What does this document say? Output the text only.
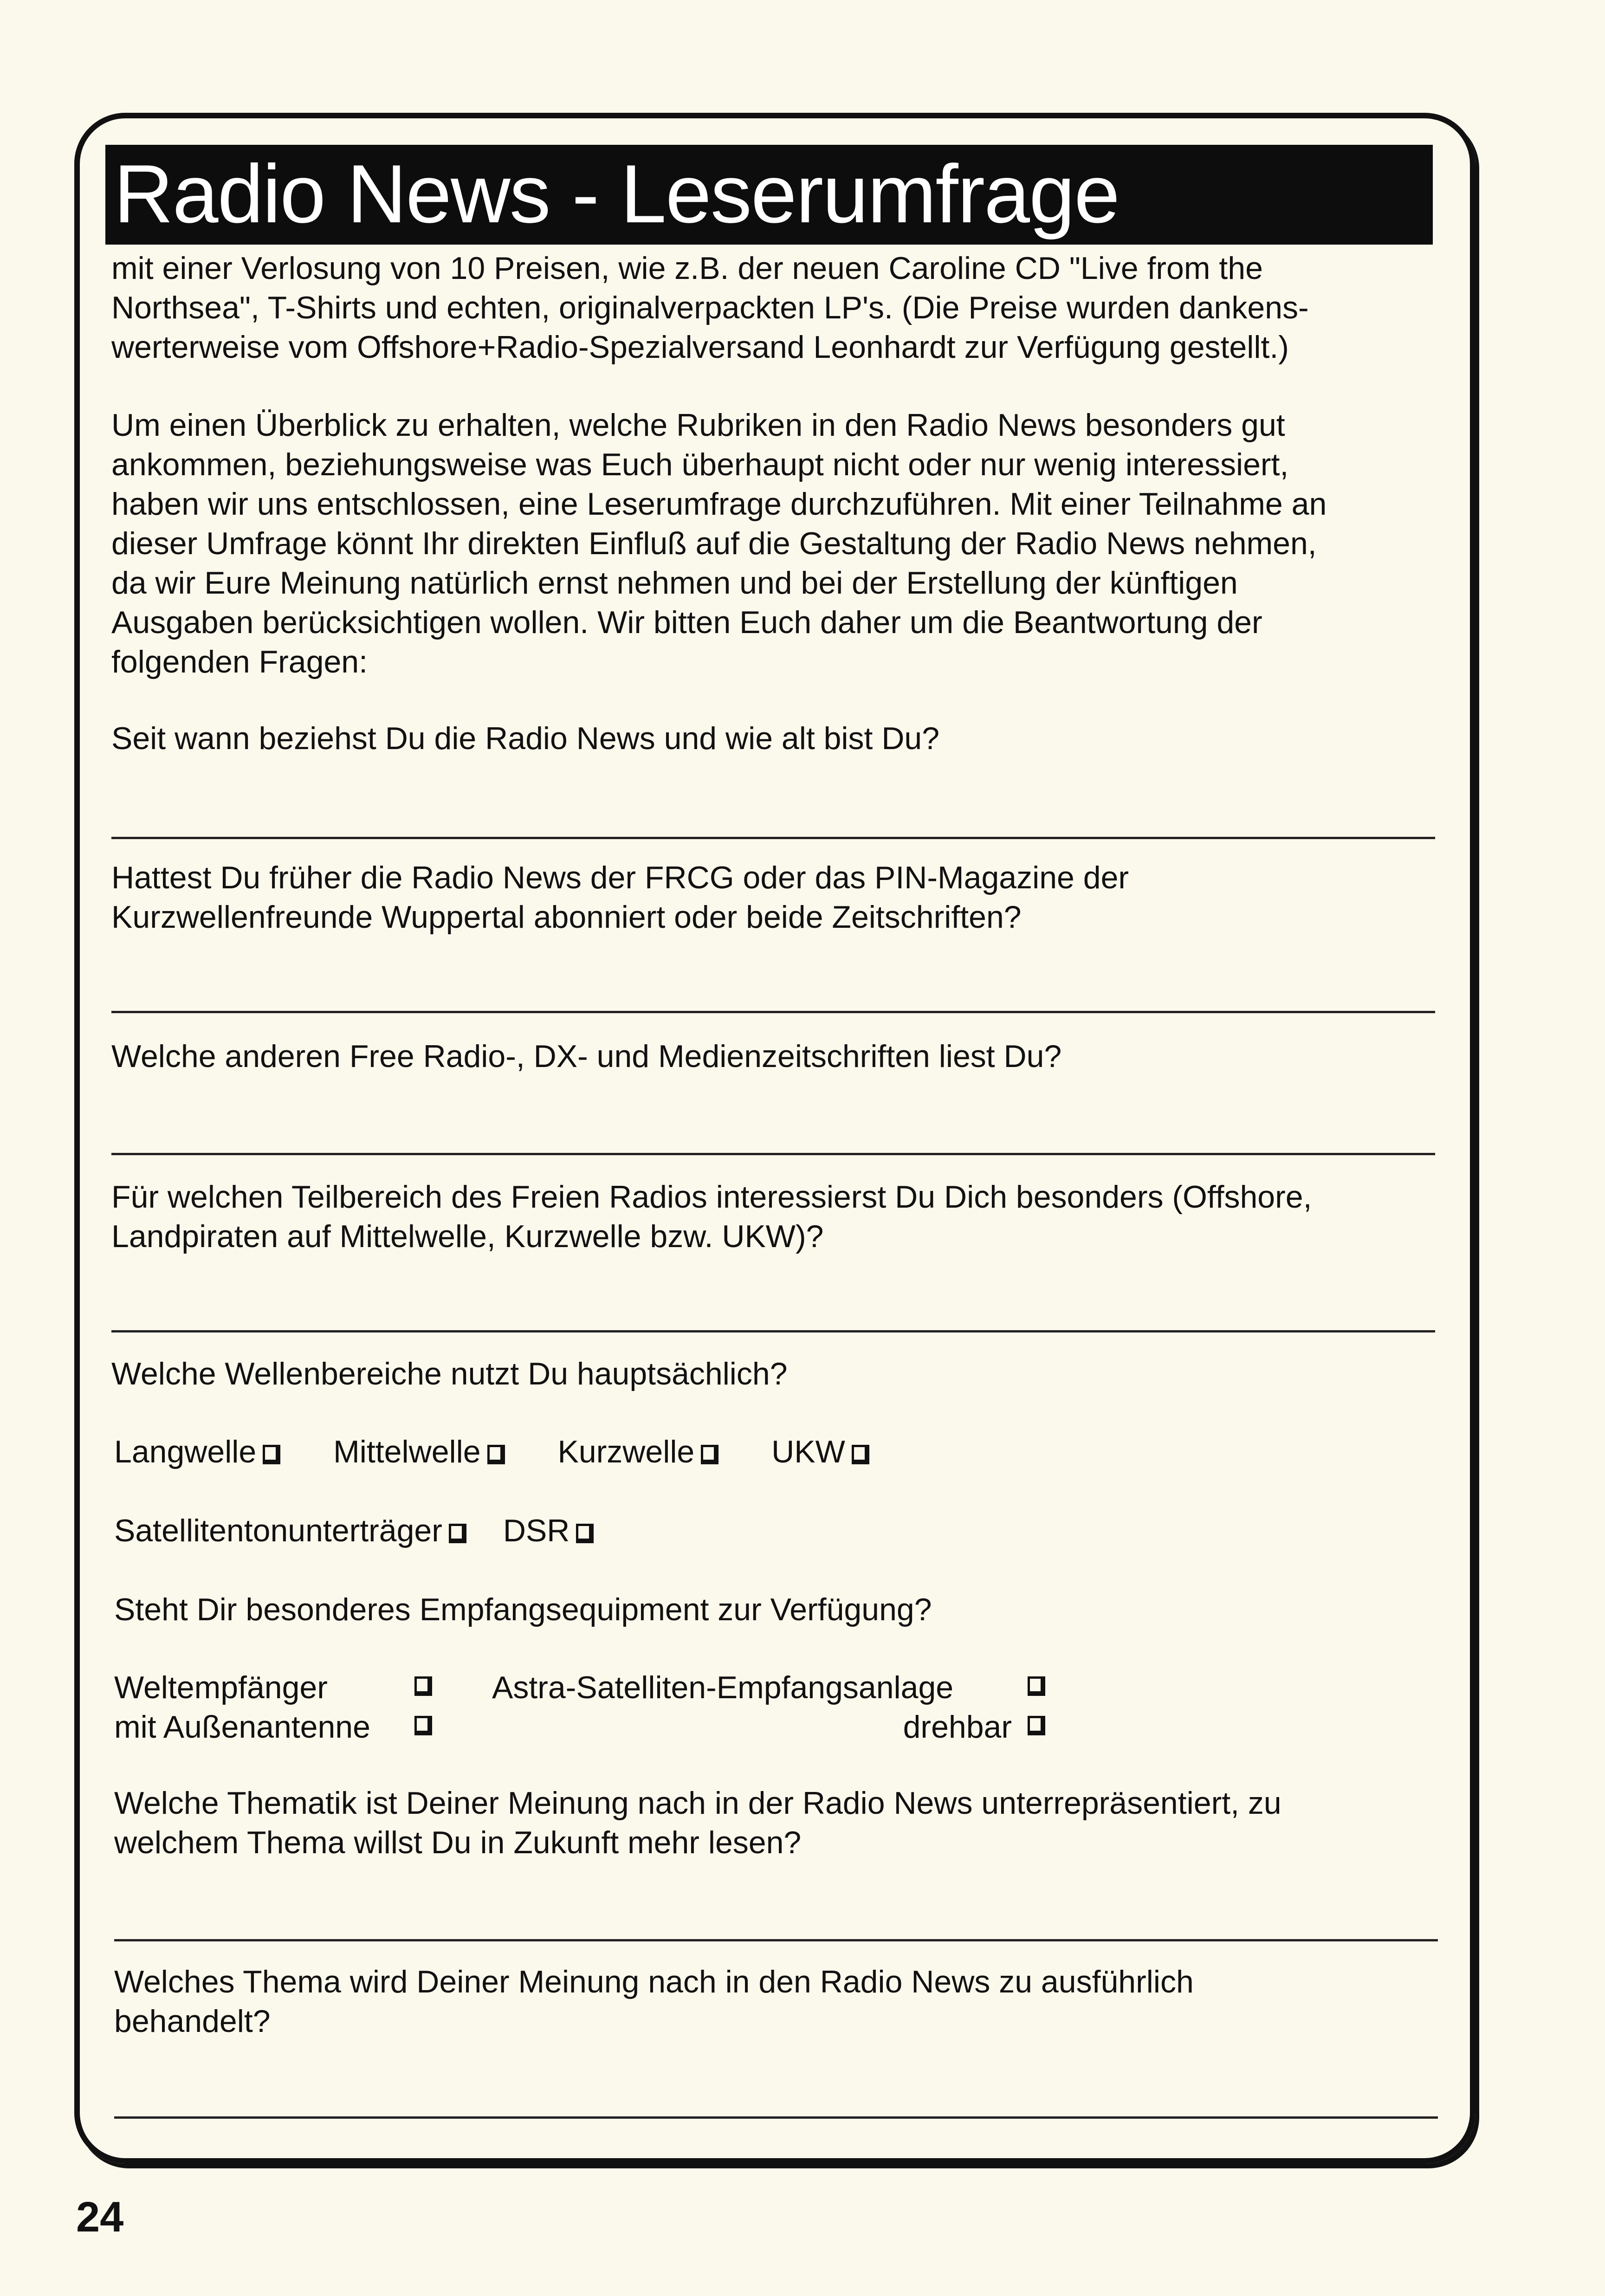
Radio News - Leserumfrage
mit einer Verlosung von 10 Preisen, wie z.B. der neuen Caroline CD "Live from the
Northsea", T-Shirts und echten, originalverpackten LP's. (Die Preise wurden dankens-
werterweise vom Offshore+Radio-Spezialversand Leonhardt zur Verfügung gestellt.)
Um einen Überblick zu erhalten, welche Rubriken in den Radio News besonders gut
ankommen, beziehungsweise was Euch überhaupt nicht oder nur wenig interessiert,
haben wir uns entschlossen, eine Leserumfrage durchzuführen. Mit einer Teilnahme an
dieser Umfrage könnt Ihr direkten Einfluß auf die Gestaltung der Radio News nehmen,
da wir Eure Meinung natürlich ernst nehmen und bei der Erstellung der künftigen
Ausgaben berücksichtigen wollen. Wir bitten Euch daher um die Beantwortung der
folgenden Fragen:
Seit wann beziehst Du die Radio News und wie alt bist Du?
Hattest Du früher die Radio News der FRCG oder das PIN-Magazine der
Kurzwellenfreunde Wuppertal abonniert oder beide Zeitschriften?
Welche anderen Free Radio-, DX- und Medienzeitschriften liest Du?
Für welchen Teilbereich des Freien Radios interessierst Du Dich besonders (Offshore,
Landpiraten auf Mittelwelle, Kurzwelle bzw. UKW)?
Welche Wellenbereiche nutzt Du hauptsächlich?
Langwelle Mittelwelle Kurzwelle UKW
Satellitentonunterträger DSR
Steht Dir besonderes Empfangsequipment zur Verfügung?
Weltempfänger	Astra-Satelliten-Empfangsanlage
mit Außenantenne	drehbar
Welche Thematik ist Deiner Meinung nach in der Radio News unterrepräsentiert, zu
welchem Thema willst Du in Zukunft mehr lesen?
Welches Thema wird Deiner Meinung nach in den Radio News zu ausführlich
behandelt?
24
